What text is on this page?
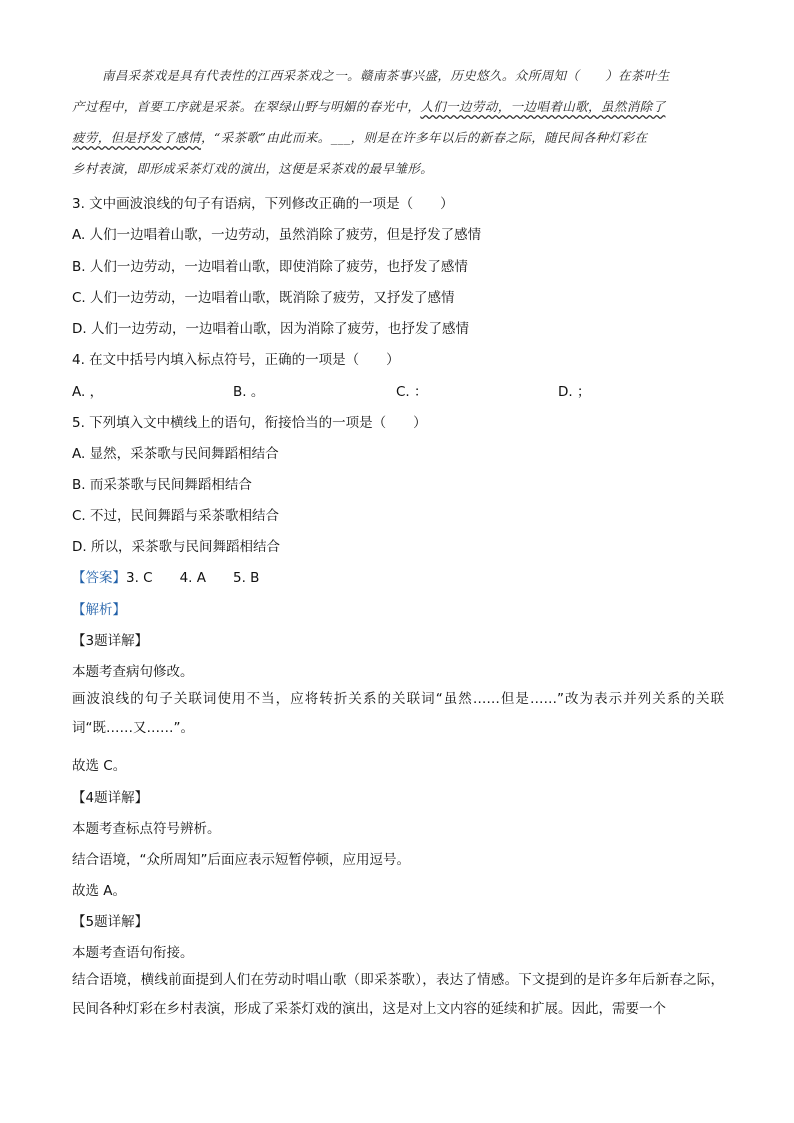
南昌采茶戏是具有代表性的江西采茶戏之一。赣南茶事兴盛，历史悠久。众所周知（　　）在茶叶生
产过程中，首要工序就是采茶。在翠绿山野与明媚的春光中，人们一边劳动，一边唱着山歌，虽然消除了
疲劳，但是抒发了感情，“采茶歌”由此而来。___，则是在许多年以后的新春之际，随民间各种灯彩在
乡村表演，即形成采茶灯戏的演出，这便是采茶戏的最早雏形。
3. 文中画波浪线的句子有语病，下列修改正确的一项是（　　）
A. 人们一边唱着山歌，一边劳动，虽然消除了疲劳，但是抒发了感情
B. 人们一边劳动，一边唱着山歌，即使消除了疲劳，也抒发了感情
C. 人们一边劳动，一边唱着山歌，既消除了疲劳，又抒发了感情
D. 人们一边劳动，一边唱着山歌，因为消除了疲劳，也抒发了感情
4. 在文中括号内填入标点符号，正确的一项是（　　）
A. ，	B. 。	C. ：	D. ；
5. 下列填入文中横线上的语句，衔接恰当的一项是（　　）
A. 显然，采茶歌与民间舞蹈相结合
B. 而采茶歌与民间舞蹈相结合
C. 不过，民间舞蹈与采茶歌相结合
D. 所以，采茶歌与民间舞蹈相结合
【答案】3. C　　4. A　　5. B
【解析】
【3题详解】
本题考查病句修改。
画波浪线的句子关联词使用不当，应将转折关系的关联词“虽然……但是……”改为表示并列关系的关联词“既……又……”。
故选 C。
【4题详解】
本题考查标点符号辨析。
结合语境，“众所周知”后面应表示短暂停顿，应用逗号。
故选 A。
【5题详解】
本题考查语句衔接。
结合语境，横线前面提到人们在劳动时唱山歌（即采茶歌），表达了情感。下文提到的是许多年后新春之际，民间各种灯彩在乡村表演，形成了采茶灯戏的演出，这是对上文内容的延续和扩展。因此，需要一个
